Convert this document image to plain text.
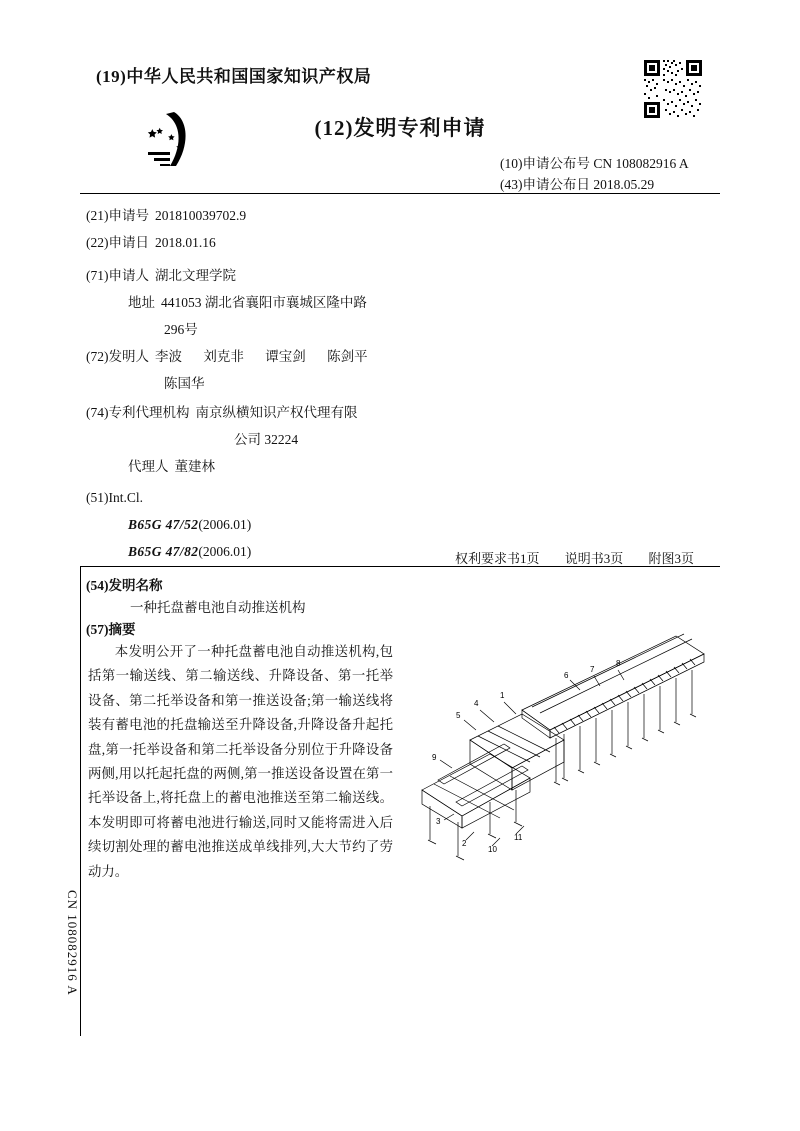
(19)中华人民共和国国家知识产权局
(12)发明专利申请
(10)申请公布号 CN 108082916 A
(43)申请公布日 2018.05.29
(21)申请号 201810039702.9
(22)申请日 2018.01.16
(71)申请人 湖北文理学院
地址 441053 湖北省襄阳市襄城区隆中路
296号
(72)发明人 李波 刘克非 谭宝剑 陈剑平
陈国华
(74)专利代理机构 南京纵横知识产权代理有限
公司 32224
代理人 董建林
(51)Int.Cl.
B65G 47/52 (2006.01)
B65G 47/82 (2006.01)	权利要求书1页 说明书3页 附图3页
(54)发明名称
一种托盘蓄电池自动推送机构
(57)摘要
本发明公开了一种托盘蓄电池自动推送机构,包括第一输送线、第二输送线、升降设备、第一托举设备、第二托举设备和第一推送设备;第一输送线将装有蓄电池的托盘输送至升降设备,升降设备升起托盘,第一托举设备和第二托举设备分别位于升降设备两侧,用以托起托盘的两侧,第一推送设备设置在第一托举设备上,将托盘上的蓄电池推送至第二输送线。本发明即可将蓄电池进行输送,同时又能将需进入后续切割处理的蓄电池推送成单线排列,大大节约了劳动力。
6
7
8
5
4
1
9
3
2
10
11
CN 108082916 A
